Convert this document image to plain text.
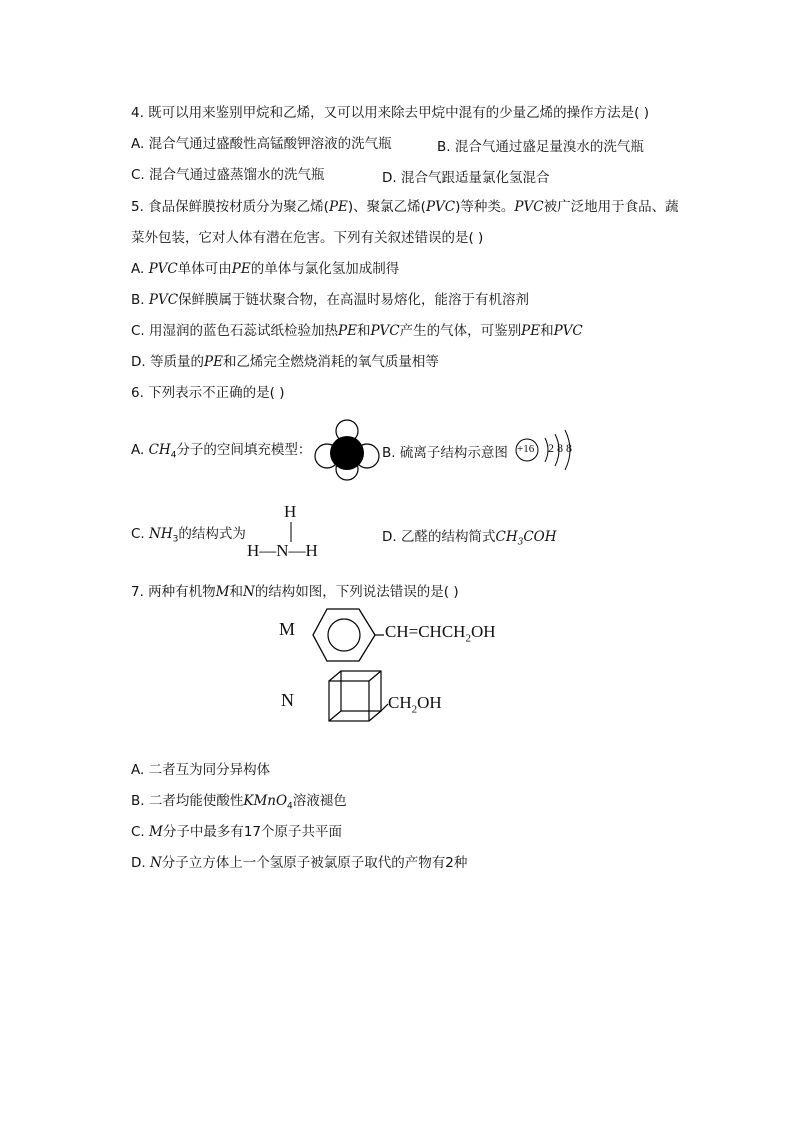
4. 既可以用来鉴别甲烷和乙烯，又可以用来除去甲烷中混有的少量乙烯的操作方法是( )
A. 混合气通过盛酸性高锰酸钾溶液的洗气瓶	B. 混合气通过盛足量溴水的洗气瓶
C. 混合气通过盛蒸馏水的洗气瓶	D. 混合气跟适量氯化氢混合
5. 食品保鲜膜按材质分为聚乙烯(PE)、聚氯乙烯(PVC)等种类。PVC被广泛地用于食品、蔬
菜外包装，它对人体有潜在危害。下列有关叙述错误的是( )
A. PVC单体可由PE的单体与氯化氢加成制得
B. PVC保鲜膜属于链状聚合物，在高温时易熔化，能溶于有机溶剂
C. 用湿润的蓝色石蕊试纸检验加热PE和PVC产生的气体，可鉴别PE和PVC
D. 等质量的PE和乙烯完全燃烧消耗的氧气质量相等
6. 下列表示不正确的是( )
A. $CH_4$分子的空间填充模型：	B. 硫离子结构示意图 +16 2 8 8
C. $NH_3$的结构式为
H
H—N—H
D. 乙醛的结构简式$CH_3COH$
7. 两种有机物M和N的结构如图，下列说法错误的是( )
M	$CH=CHCH_2OH$
N	$CH_2OH$
A. 二者互为同分异构体
B. 二者均能使酸性KMnO$_4$溶液褪色
C. M分子中最多有17个原子共平面
D. N分子立方体上一个氢原子被氯原子取代的产物有2种
